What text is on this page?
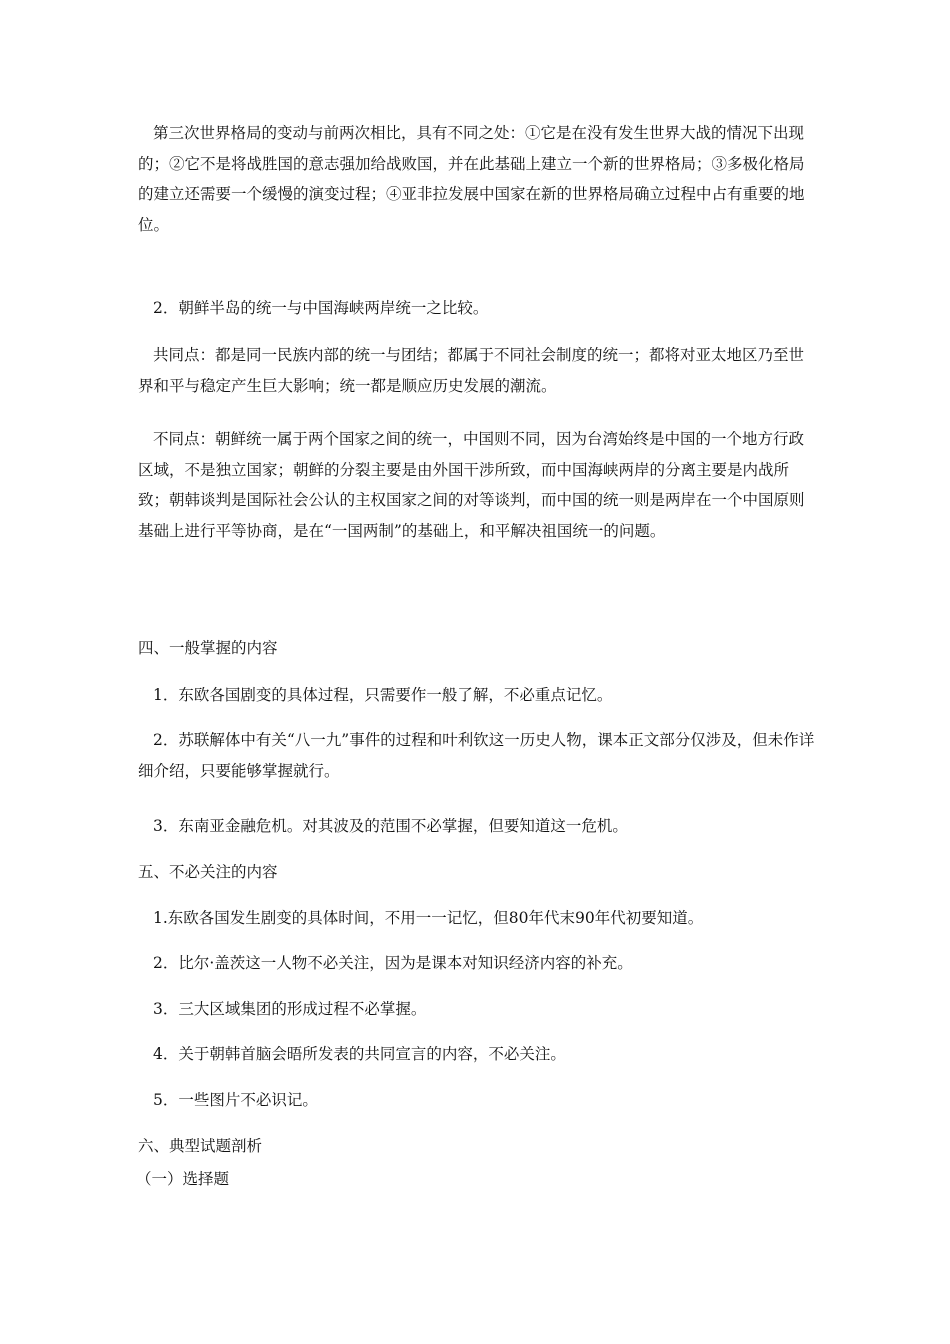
第三次世界格局的变动与前两次相比，具有不同之处：①它是在没有发生世界大战的情况下出现的；②它不是将战胜国的意志强加给战败国，并在此基础上建立一个新的世界格局；③多极化格局的建立还需要一个缓慢的演变过程；④亚非拉发展中国家在新的世界格局确立过程中占有重要的地位。

2．朝鲜半岛的统一与中国海峡两岸统一之比较。

共同点：都是同一民族内部的统一与团结；都属于不同社会制度的统一；都将对亚太地区乃至世界和平与稳定产生巨大影响；统一都是顺应历史发展的潮流。

不同点：朝鲜统一属于两个国家之间的统一，中国则不同，因为台湾始终是中国的一个地方行政区域，不是独立国家；朝鲜的分裂主要是由外国干涉所致，而中国海峡两岸的分离主要是内战所致；朝韩谈判是国际社会公认的主权国家之间的对等谈判，而中国的统一则是两岸在一个中国原则基础上进行平等协商，是在“一国两制”的基础上，和平解决祖国统一的问题。

四、一般掌握的内容

1．东欧各国剧变的具体过程，只需要作一般了解，不必重点记忆。

2．苏联解体中有关“八一九”事件的过程和叶利钦这一历史人物，课本正文部分仅涉及，但未作详细介绍，只要能够掌握就行。

3．东南亚金融危机。对其波及的范围不必掌握，但要知道这一危机。

五、不必关注的内容

1.东欧各国发生剧变的具体时间，不用一一记忆，但80年代末90年代初要知道。

2．比尔·盖茨这一人物不必关注，因为是课本对知识经济内容的补充。

3．三大区域集团的形成过程不必掌握。

4．关于朝韩首脑会晤所发表的共同宣言的内容，不必关注。

5．一些图片不必识记。

六、典型试题剖析

（一）选择题
